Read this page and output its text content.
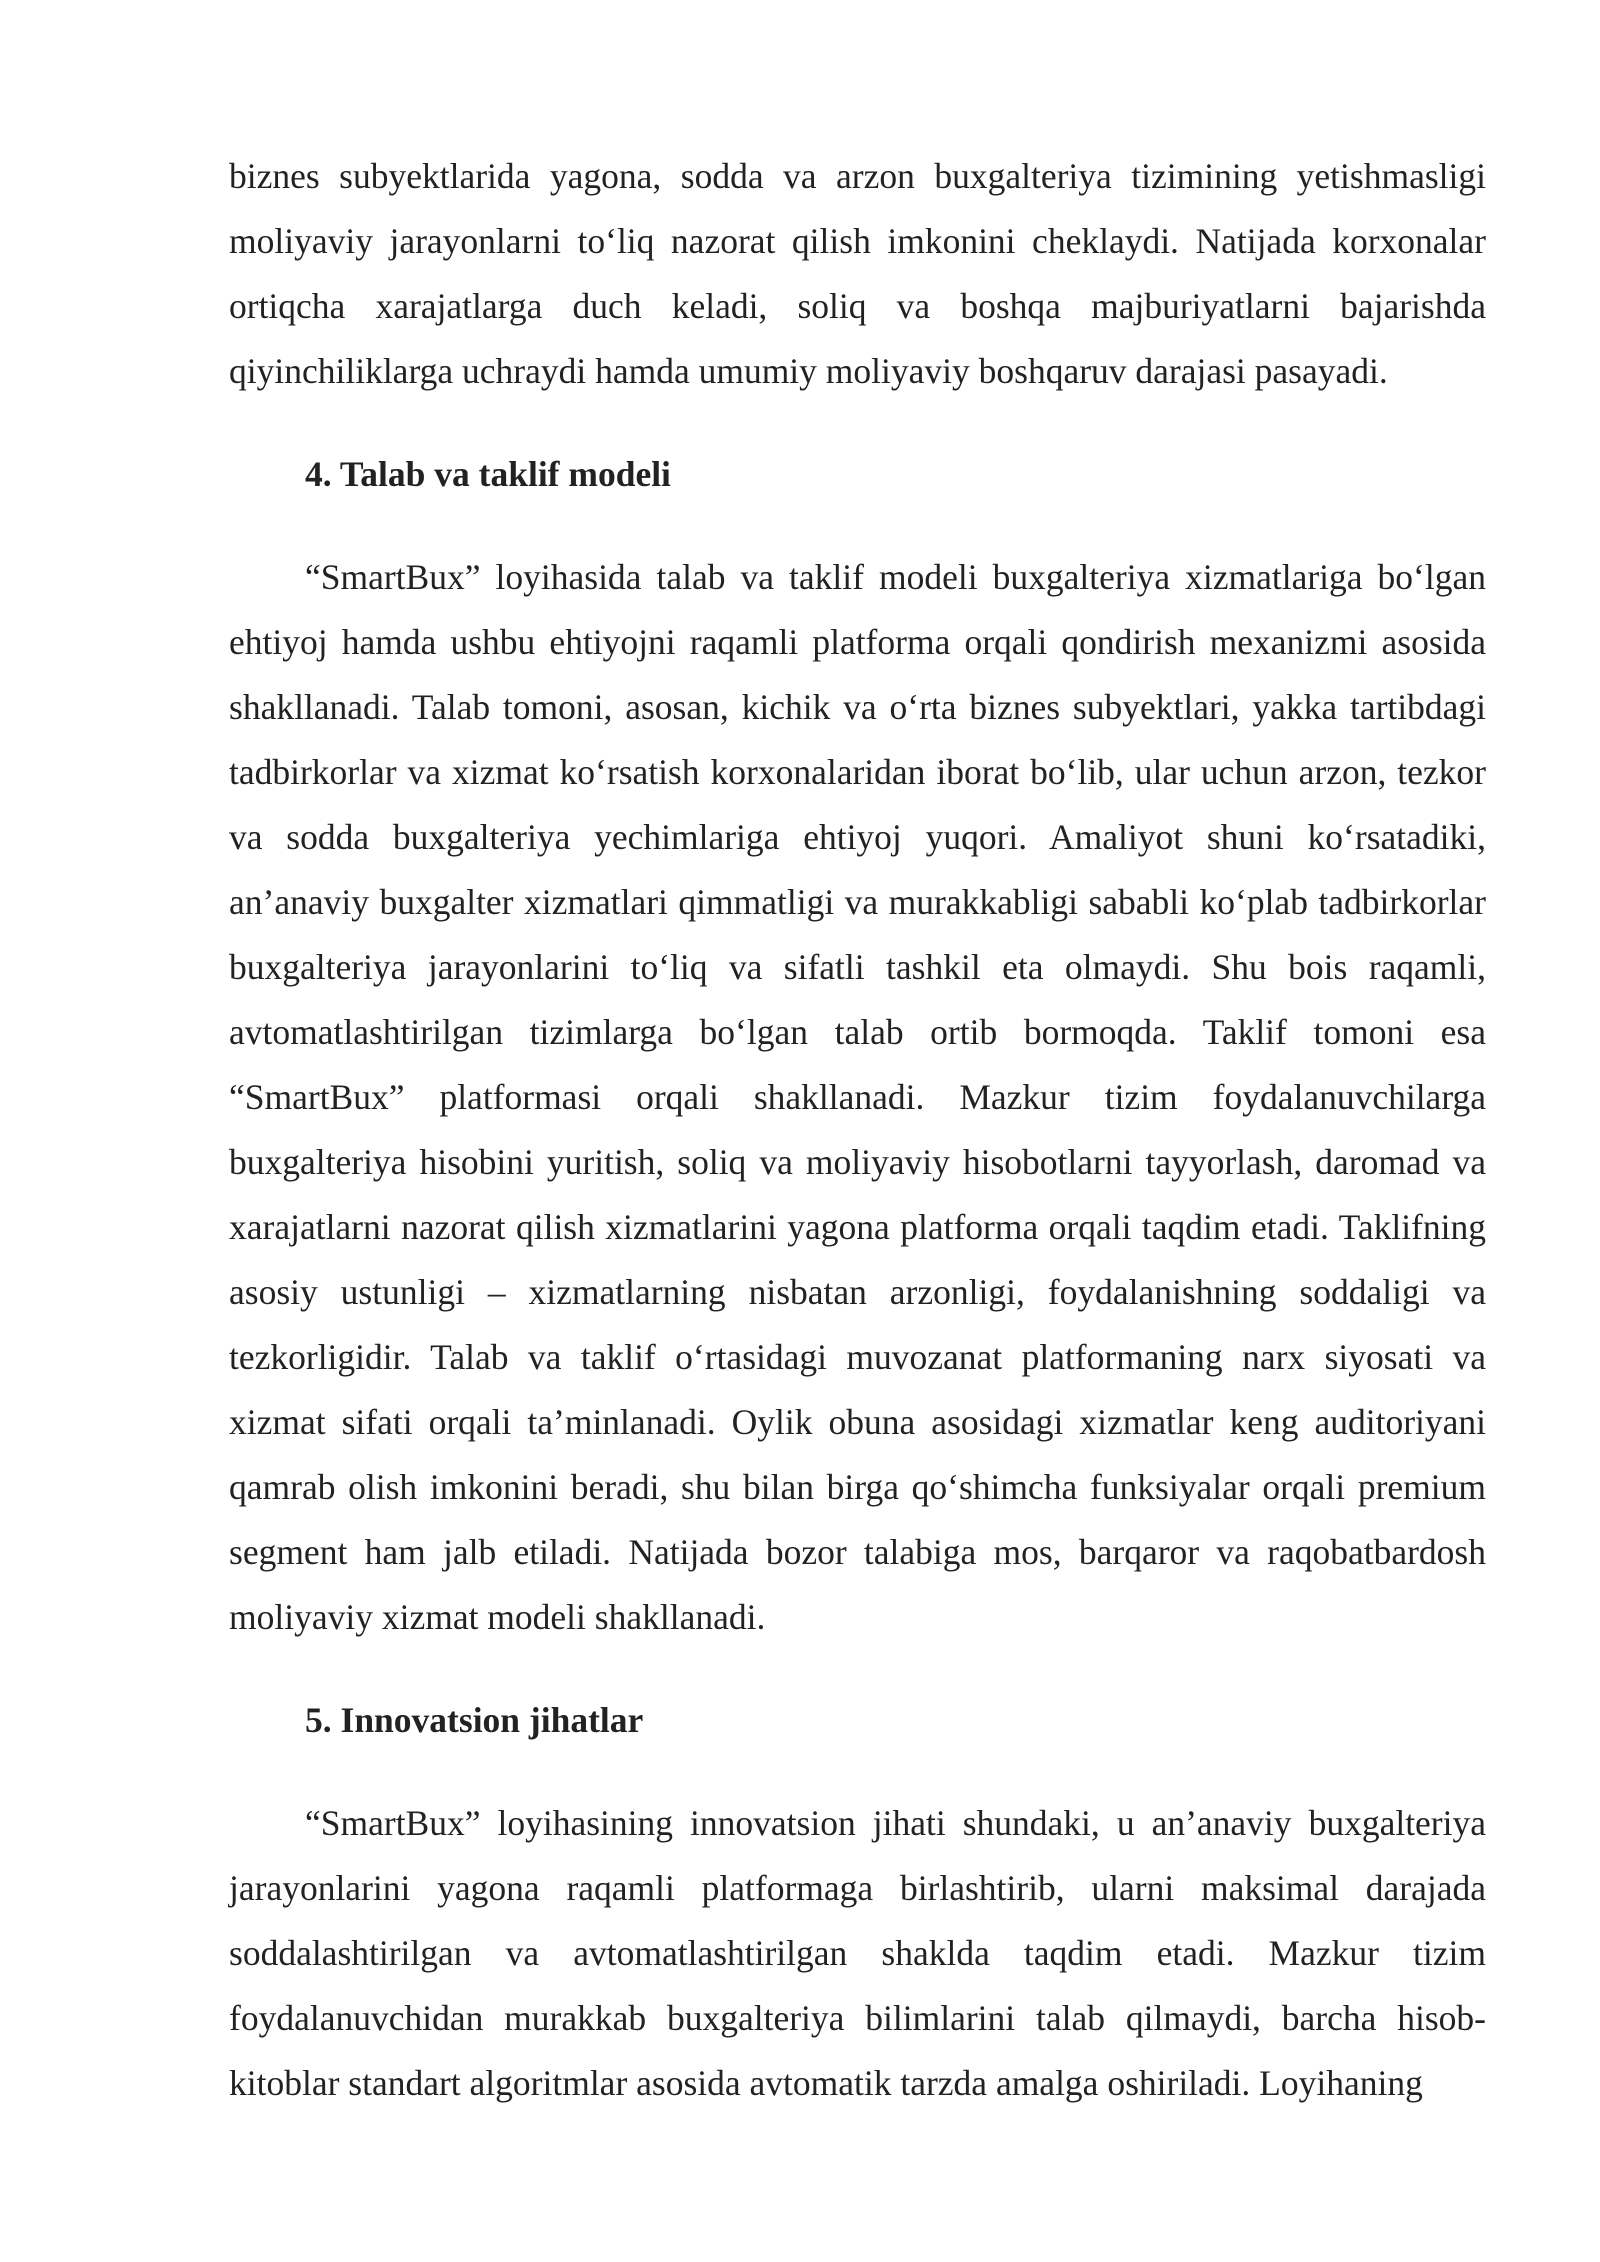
biznes subyektlarida yagona, sodda va arzon buxgalteriya tizimining yetishmasligi moliyaviy jarayonlarni to‘liq nazorat qilish imkonini cheklaydi. Natijada korxonalar ortiqcha xarajatlarga duch keladi, soliq va boshqa majburiyatlarni bajarishda qiyinchiliklarga uchraydi hamda umumiy moliyaviy boshqaruv darajasi pasayadi.

4. Talab va taklif modeli

“SmartBux” loyihasida talab va taklif modeli buxgalteriya xizmatlariga bo‘lgan ehtiyoj hamda ushbu ehtiyojni raqamli platforma orqali qondirish mexanizmi asosida shakllanadi. Talab tomoni, asosan, kichik va o‘rta biznes subyektlari, yakka tartibdagi tadbirkorlar va xizmat ko‘rsatish korxonalaridan iborat bo‘lib, ular uchun arzon, tezkor va sodda buxgalteriya yechimlariga ehtiyoj yuqori. Amaliyot shuni ko‘rsatadiki, an’anaviy buxgalter xizmatlari qimmatligi va murakkabligi sababli ko‘plab tadbirkorlar buxgalteriya jarayonlarini to‘liq va sifatli tashkil eta olmaydi. Shu bois raqamli, avtomatlashtirilgan tizimlarga bo‘lgan talab ortib bormoqda. Taklif tomoni esa “SmartBux” platformasi orqali shakllanadi. Mazkur tizim foydalanuvchilarga buxgalteriya hisobini yuritish, soliq va moliyaviy hisobotlarni tayyorlash, daromad va xarajatlarni nazorat qilish xizmatlarini yagona platforma orqali taqdim etadi. Taklifning asosiy ustunligi – xizmatlarning nisbatan arzonligi, foydalanishning soddaligi va tezkorligidir. Talab va taklif o‘rtasidagi muvozanat platformaning narx siyosati va xizmat sifati orqali ta’minlanadi. Oylik obuna asosidagi xizmatlar keng auditoriyani qamrab olish imkonini beradi, shu bilan birga qo‘shimcha funksiyalar orqali premium segment ham jalb etiladi. Natijada bozor talabiga mos, barqaror va raqobatbardosh moliyaviy xizmat modeli shakllanadi.

5. Innovatsion jihatlar

“SmartBux” loyihasining innovatsion jihati shundaki, u an’anaviy buxgalteriya jarayonlarini yagona raqamli platformaga birlashtirib, ularni maksimal darajada soddalashtirilgan va avtomatlashtirilgan shaklda taqdim etadi. Mazkur tizim foydalanuvchidan murakkab buxgalteriya bilimlarini talab qilmaydi, barcha hisob-kitoblar standart algoritmlar asosida avtomatik tarzda amalga oshiriladi. Loyihaning
